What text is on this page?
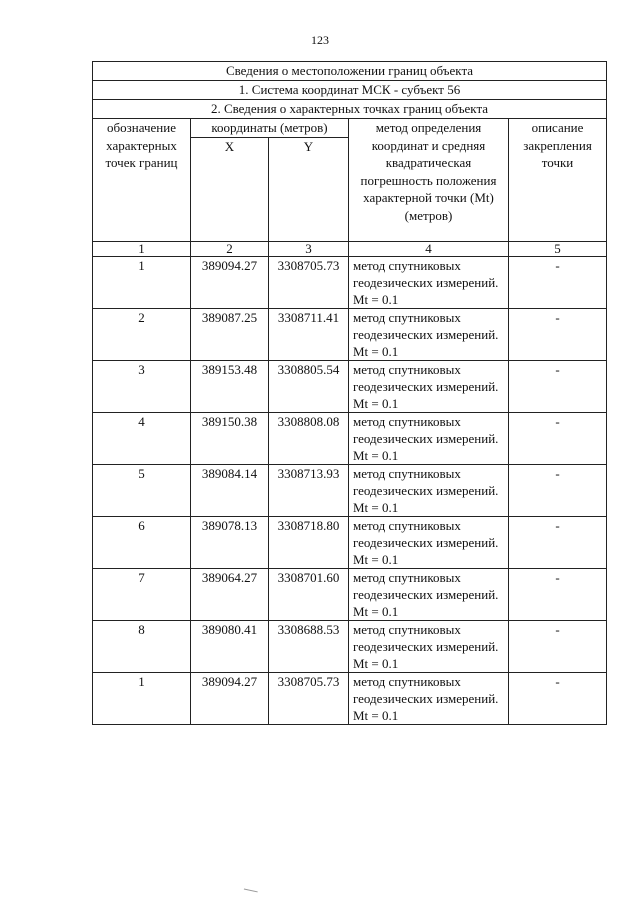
123
Сведения о местоположении границ объекта				
1. Система координат МСК - субъект 56				
2. Сведения о характерных точках границ объекта				
обозначение характерных точек границ	координаты (метров)		метод определения координат и средняя квадратическая погрешность положения характерной точки (Mt) (метров)	описание закрепления точки
	X	Y		
1	2	3	4	5
1	389094.27	3308705.73	метод спутниковых геодезических измерений. Mt = 0.1	-
2	389087.25	3308711.41	метод спутниковых геодезических измерений. Mt = 0.1	-
3	389153.48	3308805.54	метод спутниковых геодезических измерений. Mt = 0.1	-
4	389150.38	3308808.08	метод спутниковых геодезических измерений. Mt = 0.1	-
5	389084.14	3308713.93	метод спутниковых геодезических измерений. Mt = 0.1	-
6	389078.13	3308718.80	метод спутниковых геодезических измерений. Mt = 0.1	-
7	389064.27	3308701.60	метод спутниковых геодезических измерений. Mt = 0.1	-
8	389080.41	3308688.53	метод спутниковых геодезических измерений. Mt = 0.1	-
1	389094.27	3308705.73	метод спутниковых геодезических измерений. Mt = 0.1	-
